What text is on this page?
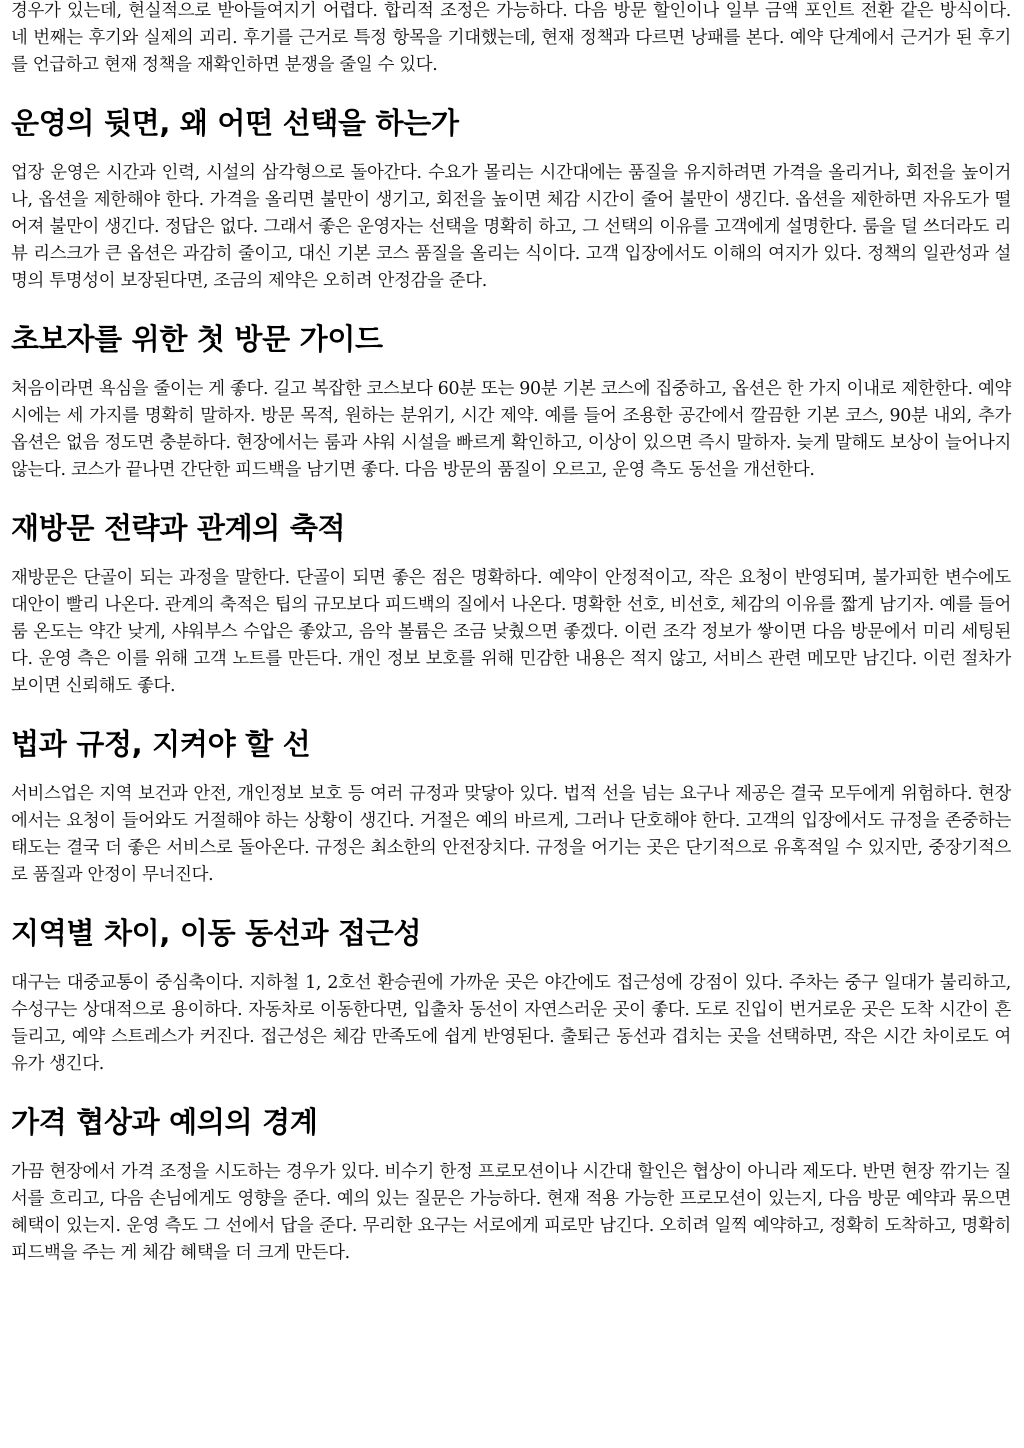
경우가 있는데, 현실적으로 받아들여지기 어렵다. 합리적 조정은 가능하다. 다음 방문 할인이나 일부 금액 포인트 전환 같은 방식이다. 네 번째는 후기와 실제의 괴리. 후기를 근거로 특정 항목을 기대했는데, 현재 정책과 다르면 낭패를 본다. 예약 단계에서 근거가 된 후기를 언급하고 현재 정책을 재확인하면 분쟁을 줄일 수 있다.

운영의 뒷면, 왜 어떤 선택을 하는가

업장 운영은 시간과 인력, 시설의 삼각형으로 돌아간다. 수요가 몰리는 시간대에는 품질을 유지하려면 가격을 올리거나, 회전을 높이거나, 옵션을 제한해야 한다. 가격을 올리면 불만이 생기고, 회전을 높이면 체감 시간이 줄어 불만이 생긴다. 옵션을 제한하면 자유도가 떨어져 불만이 생긴다. 정답은 없다. 그래서 좋은 운영자는 선택을 명확히 하고, 그 선택의 이유를 고객에게 설명한다. 룸을 덜 쓰더라도 리뷰 리스크가 큰 옵션은 과감히 줄이고, 대신 기본 코스 품질을 올리는 식이다. 고객 입장에서도 이해의 여지가 있다. 정책의 일관성과 설명의 투명성이 보장된다면, 조금의 제약은 오히려 안정감을 준다.

초보자를 위한 첫 방문 가이드

처음이라면 욕심을 줄이는 게 좋다. 길고 복잡한 코스보다 60분 또는 90분 기본 코스에 집중하고, 옵션은 한 가지 이내로 제한한다. 예약 시에는 세 가지를 명확히 말하자. 방문 목적, 원하는 분위기, 시간 제약. 예를 들어 조용한 공간에서 깔끔한 기본 코스, 90분 내외, 추가 옵션은 없음 정도면 충분하다. 현장에서는 룸과 샤워 시설을 빠르게 확인하고, 이상이 있으면 즉시 말하자. 늦게 말해도 보상이 늘어나지 않는다. 코스가 끝나면 간단한 피드백을 남기면 좋다. 다음 방문의 품질이 오르고, 운영 측도 동선을 개선한다.

재방문 전략과 관계의 축적

재방문은 단골이 되는 과정을 말한다. 단골이 되면 좋은 점은 명확하다. 예약이 안정적이고, 작은 요청이 반영되며, 불가피한 변수에도 대안이 빨리 나온다. 관계의 축적은 팁의 규모보다 피드백의 질에서 나온다. 명확한 선호, 비선호, 체감의 이유를 짧게 남기자. 예를 들어 룸 온도는 약간 낮게, 샤워부스 수압은 좋았고, 음악 볼륨은 조금 낮췄으면 좋겠다. 이런 조각 정보가 쌓이면 다음 방문에서 미리 세팅된다. 운영 측은 이를 위해 고객 노트를 만든다. 개인 정보 보호를 위해 민감한 내용은 적지 않고, 서비스 관련 메모만 남긴다. 이런 절차가 보이면 신뢰해도 좋다.

법과 규정, 지켜야 할 선

서비스업은 지역 보건과 안전, 개인정보 보호 등 여러 규정과 맞닿아 있다. 법적 선을 넘는 요구나 제공은 결국 모두에게 위험하다. 현장에서는 요청이 들어와도 거절해야 하는 상황이 생긴다. 거절은 예의 바르게, 그러나 단호해야 한다. 고객의 입장에서도 규정을 존중하는 태도는 결국 더 좋은 서비스로 돌아온다. 규정은 최소한의 안전장치다. 규정을 어기는 곳은 단기적으로 유혹적일 수 있지만, 중장기적으로 품질과 안정이 무너진다.

지역별 차이, 이동 동선과 접근성

대구는 대중교통이 중심축이다. 지하철 1, 2호선 환승권에 가까운 곳은 야간에도 접근성에 강점이 있다. 주차는 중구 일대가 불리하고, 수성구는 상대적으로 용이하다. 자동차로 이동한다면, 입출차 동선이 자연스러운 곳이 좋다. 도로 진입이 번거로운 곳은 도착 시간이 흔들리고, 예약 스트레스가 커진다. 접근성은 체감 만족도에 쉽게 반영된다. 출퇴근 동선과 겹치는 곳을 선택하면, 작은 시간 차이로도 여유가 생긴다.

가격 협상과 예의의 경계

가끔 현장에서 가격 조정을 시도하는 경우가 있다. 비수기 한정 프로모션이나 시간대 할인은 협상이 아니라 제도다. 반면 현장 깎기는 질서를 흐리고, 다음 손님에게도 영향을 준다. 예의 있는 질문은 가능하다. 현재 적용 가능한 프로모션이 있는지, 다음 방문 예약과 묶으면 혜택이 있는지. 운영 측도 그 선에서 답을 준다. 무리한 요구는 서로에게 피로만 남긴다. 오히려 일찍 예약하고, 정확히 도착하고, 명확히 피드백을 주는 게 체감 혜택을 더 크게 만든다.
